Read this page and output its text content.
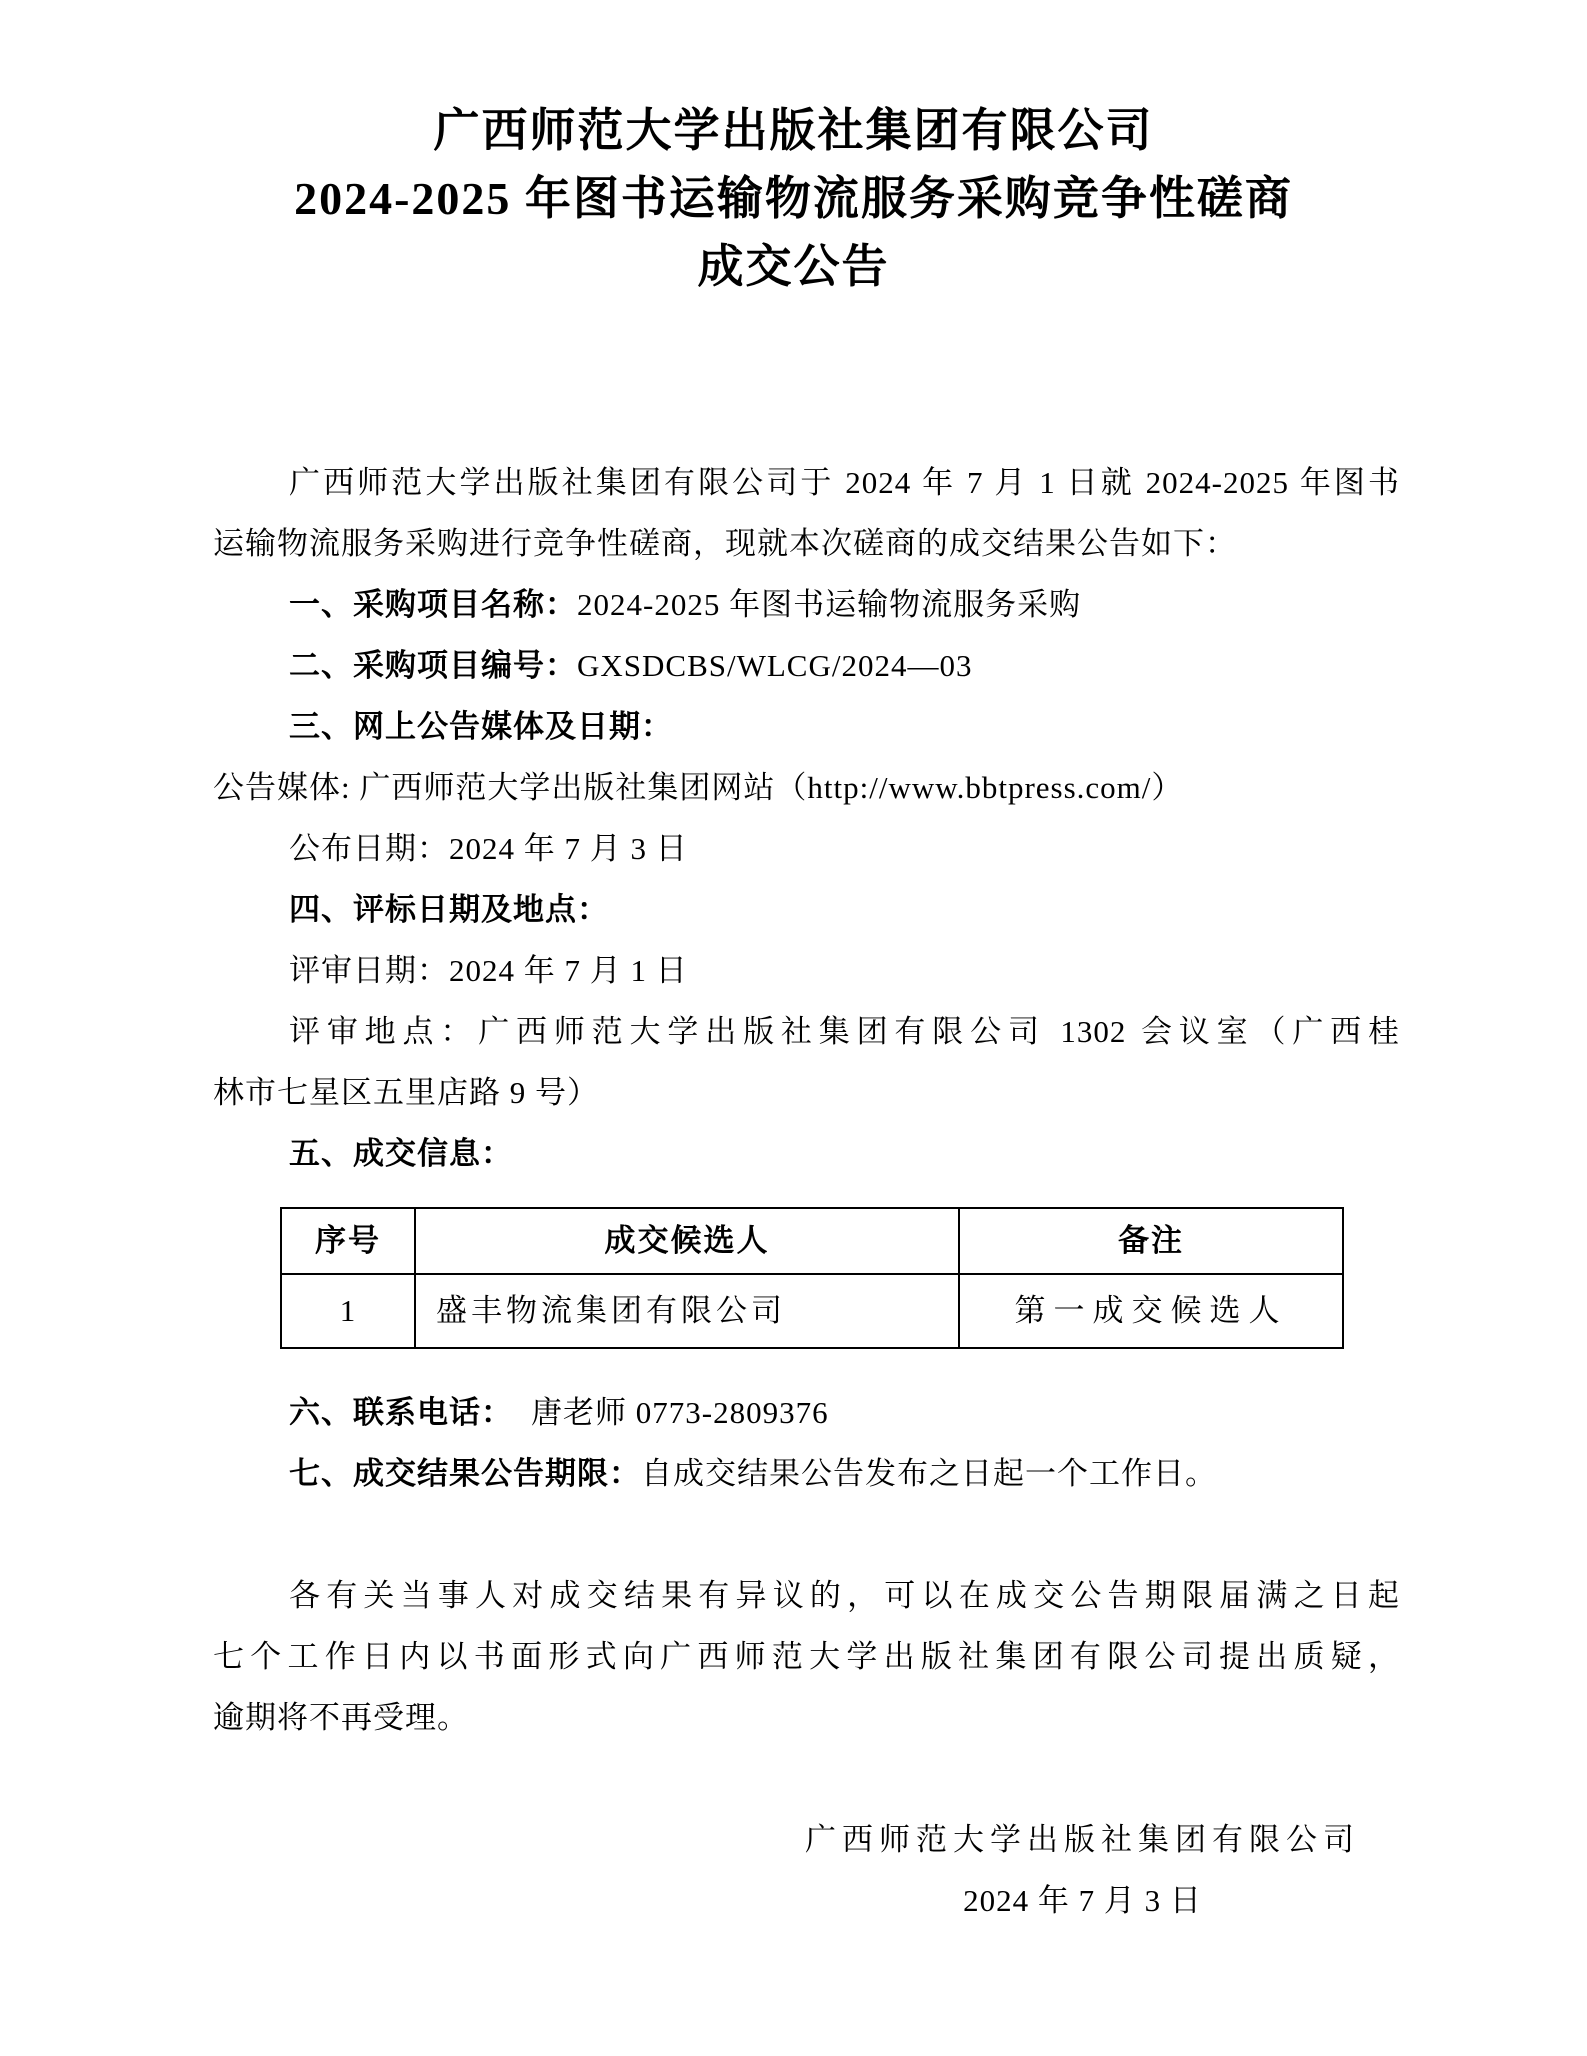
广西师范大学出版社集团有限公司
2024-2025 年图书运输物流服务采购竞争性磋商
成交公告
广西师范大学出版社集团有限公司于 2024 年 7 月 1 日就 2024-2025 年图书
运输物流服务采购进行竞争性磋商，现就本次磋商的成交结果公告如下：
一、采购项目名称：2024-2025 年图书运输物流服务采购
二、采购项目编号：GXSDCBS/WLCG/2024—03
三、网上公告媒体及日期：
公告媒体: 广西师范大学出版社集团网站（http://www.bbtpress.com/）
公布日期：2024 年 7 月 3 日
四、评标日期及地点：
评审日期：2024 年 7 月 1 日
评审地点：广西师范大学出版社集团有限公司 1302 会议室（广西桂
林市七星区五里店路 9 号）
五、成交信息：
序号	成交候选人	备注
1	盛丰物流集团有限公司	第一成交候选人
六、联系电话： 唐老师 0773-2809376
七、成交结果公告期限：自成交结果公告发布之日起一个工作日。
各有关当事人对成交结果有异议的，可以在成交公告期限届满之日起
七个工作日内以书面形式向广西师范大学出版社集团有限公司提出质疑，
逾期将不再受理。
广西师范大学出版社集团有限公司
2024 年 7 月 3 日
